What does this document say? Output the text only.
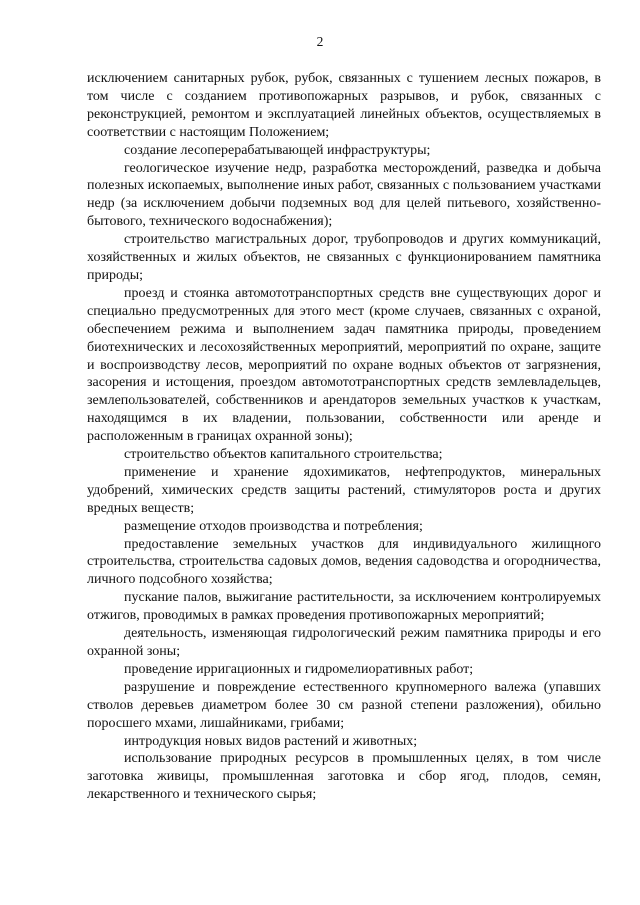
2

исключением санитарных рубок, рубок, связанных с тушением лесных пожаров, в том числе с созданием противопожарных разрывов, и рубок, связанных с реконструкцией, ремонтом и эксплуатацией линейных объектов, осуществляемых в соответствии с настоящим Положением;

создание лесоперерабатывающей инфраструктуры;

геологическое изучение недр, разработка месторождений, разведка и добыча полезных ископаемых, выполнение иных работ, связанных с пользованием участками недр (за исключением добычи подземных вод для целей питьевого, хозяйственно-бытового, технического водоснабжения);

строительство магистральных дорог, трубопроводов и других коммуникаций, хозяйственных и жилых объектов, не связанных с функционированием памятника природы;

проезд и стоянка автомототранспортных средств вне существующих дорог и специально предусмотренных для этого мест (кроме случаев, связанных с охраной, обеспечением режима и выполнением задач памятника природы, проведением биотехнических и лесохозяйственных мероприятий, мероприятий по охране, защите и воспроизводству лесов, мероприятий по охране водных объектов от загрязнения, засорения и истощения, проездом автомототранспортных средств землевладельцев, землепользователей, собственников и арендаторов земельных участков к участкам, находящимся в их владении, пользовании, собственности или аренде и расположенным в границах охранной зоны);

строительство объектов капитального строительства;

применение и хранение ядохимикатов, нефтепродуктов, минеральных удобрений, химических средств защиты растений, стимуляторов роста и других вредных веществ;

размещение отходов производства и потребления;

предоставление земельных участков для индивидуального жилищного строительства, строительства садовых домов, ведения садоводства и огородничества, личного подсобного хозяйства;

пускание палов, выжигание растительности, за исключением контролируемых отжигов, проводимых в рамках проведения противопожарных мероприятий;

деятельность, изменяющая гидрологический режим памятника природы и его охранной зоны;

проведение ирригационных и гидромелиоративных работ;

разрушение и повреждение естественного крупномерного валежа (упавших стволов деревьев диаметром более 30 см разной степени разложения), обильно поросшего мхами, лишайниками, грибами;

интродукция новых видов растений и животных;

использование природных ресурсов в промышленных целях, в том числе заготовка живицы, промышленная заготовка и сбор ягод, плодов, семян, лекарственного и технического сырья;
